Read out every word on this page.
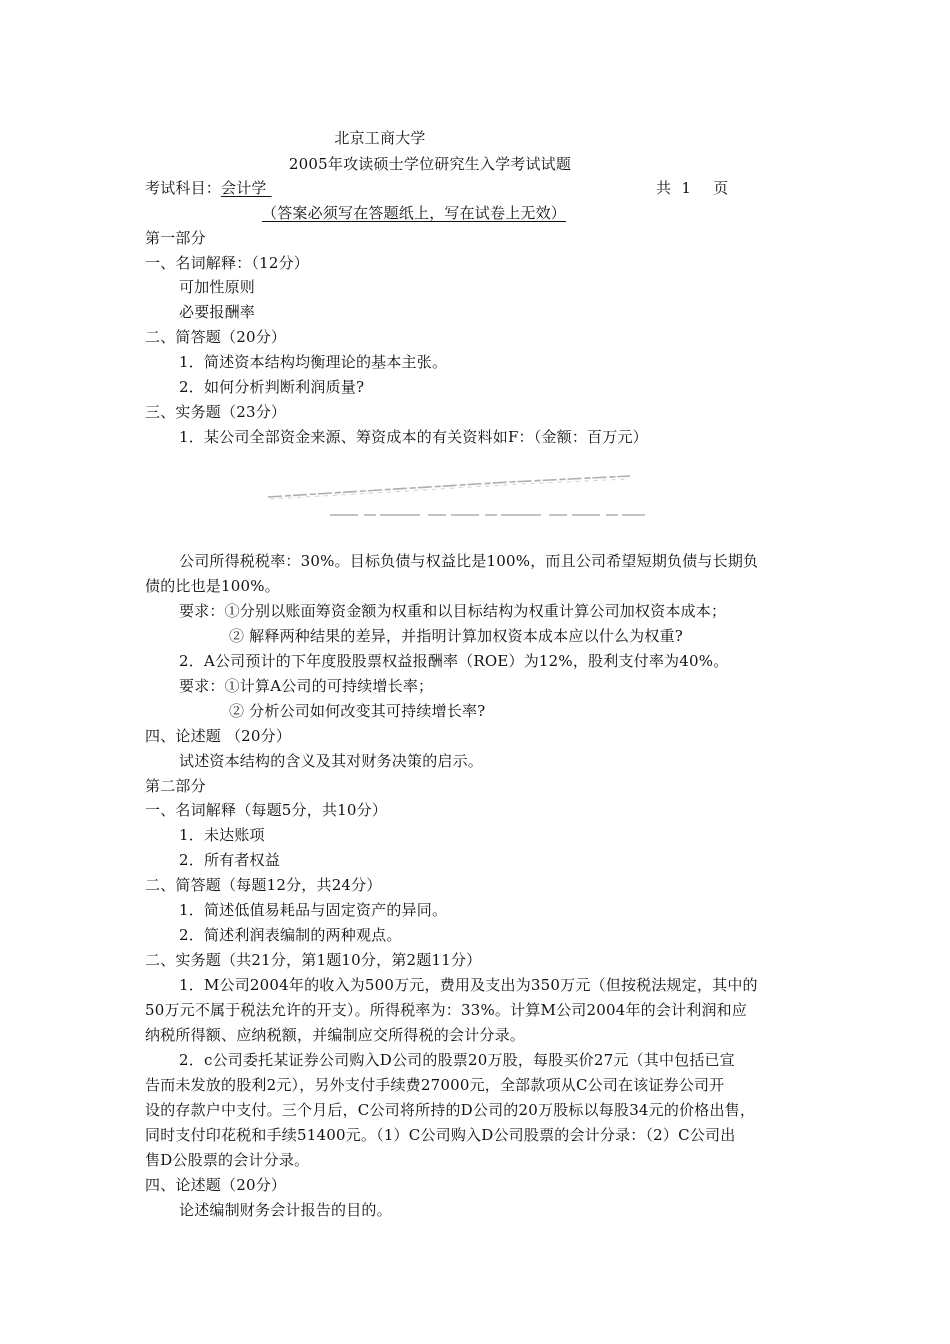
北京工商大学
2005年攻读硕士学位研究生入学考试试题
考试科目：会计学	共 1 页
（答案必须写在答题纸上，写在试卷上无效）
第一部分
一、名词解释：（12分）
可加性原则
必要报酬率
二、简答题（20分）
1．简述资本结构均衡理论的基本主张。
2．如何分析判断利润质量?
三、实务题（23分）
1．某公司全部资金来源、筹资成本的有关资料如F：（金额：百万元）
公司所得税税率：30%。目标负债与权益比是100%，而且公司希望短期负债与长期负
债的比也是100%。
要求：①分别以账面筹资金额为权重和以目标结构为权重计算公司加权资本成本；
② 解释两种结果的差异，并指明计算加权资本成本应以什么为权重?
2．A公司预计的下年度股股票权益报酬率（ROE）为12%，股利支付率为40%。
要求：①计算A公司的可持续增长率；
② 分析公司如何改变其可持续增长率?
四、论述题 （20分）
试述资本结构的含义及其对财务决策的启示。
第二部分
一、名词解释（每题5分，共10分）
1．未达账项
2．所有者权益
二、简答题（每题12分，共24分）
1．简述低值易耗品与固定资产的异同。
2．简述利润表编制的两种观点。
二、实务题（共21分，第1题10分，第2题11分）
1．M公司2004年的收入为500万元，费用及支出为350万元（但按税法规定，其中的
50万元不属于税法允许的开支）。所得税率为：33%。计算M公司2004年的会计利润和应
纳税所得额、应纳税额，并编制应交所得税的会计分录。
2．c公司委托某证券公司购入D公司的股票20万股，每股买价27元（其中包括已宣
告而未发放的股利2元），另外支付手续费27000元，全部款项从C公司在该证券公司开
设的存款户中支付。三个月后，C公司将所持的D公司的20万股标以每股34元的价格出售，
同时支付印花税和手续51400元。（1）C公司购入D公司股票的会计分录：（2）C公司出
售D公股票的会计分录。
四、论述题（20分）
论述编制财务会计报告的目的。
